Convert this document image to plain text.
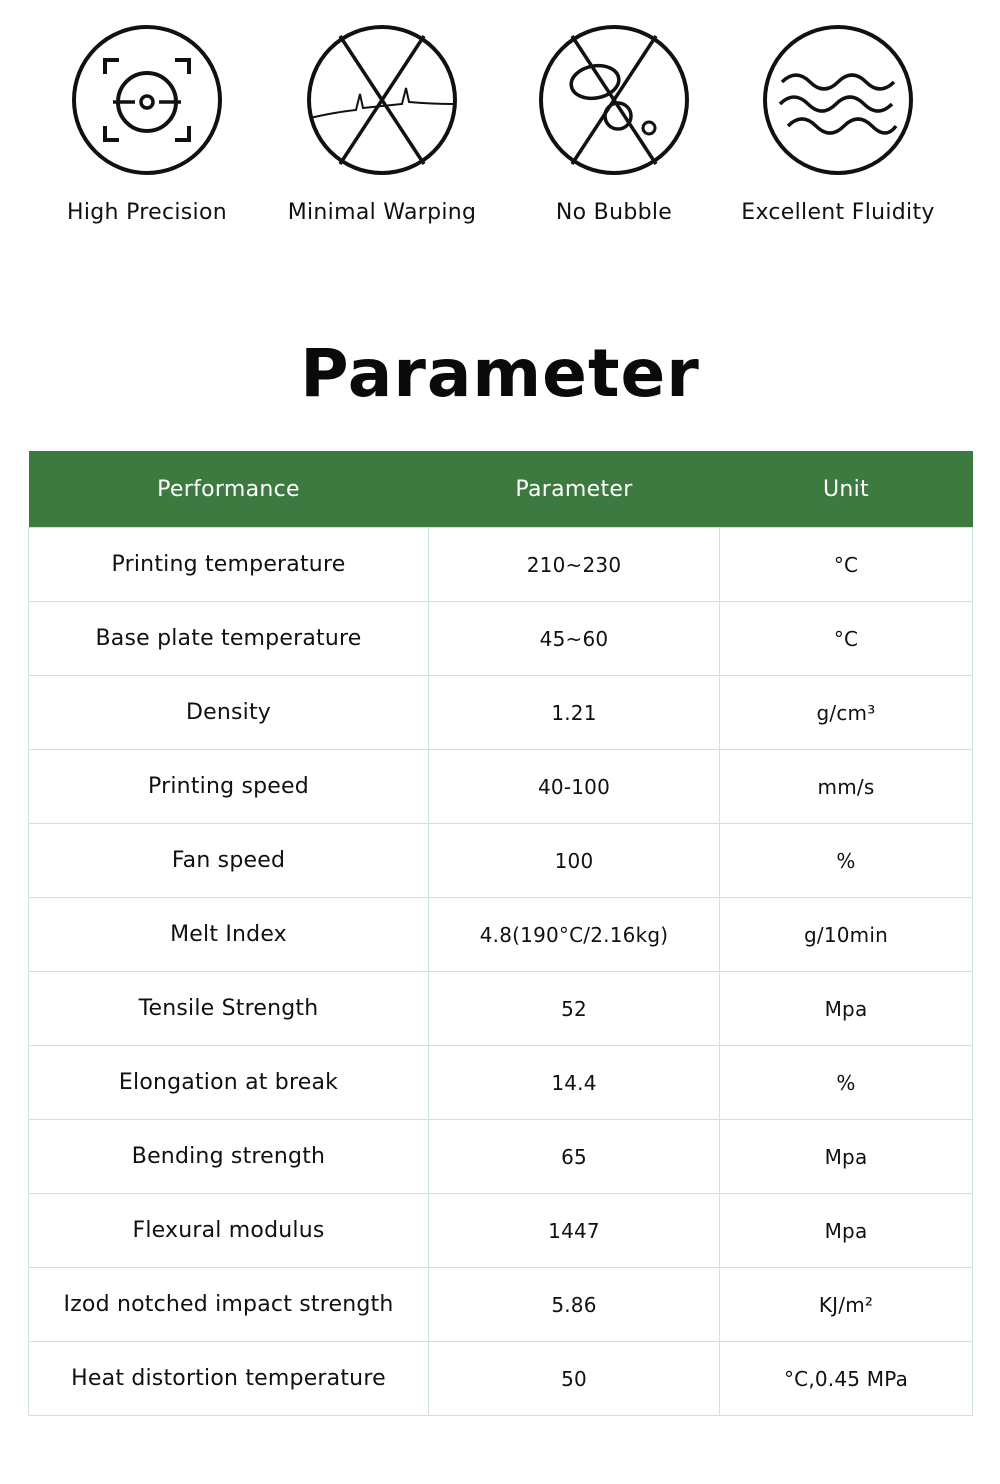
High Precision	Minimal Warping	No Bubble	Excellent Fluidity
Parameter
Performance	Parameter	Unit
Printing temperature	210~230	°C
Base plate temperature	45~60	°C
Density	1.21	g/cm³
Printing speed	40-100	mm/s
Fan speed	100	%
Melt Index	4.8(190°C/2.16kg)	g/10min
Tensile Strength	52	Mpa
Elongation at break	14.4	%
Bending strength	65	Mpa
Flexural modulus	1447	Mpa
Izod notched impact strength	5.86	KJ/m²
Heat distortion temperature	50	°C,0.45 MPa
